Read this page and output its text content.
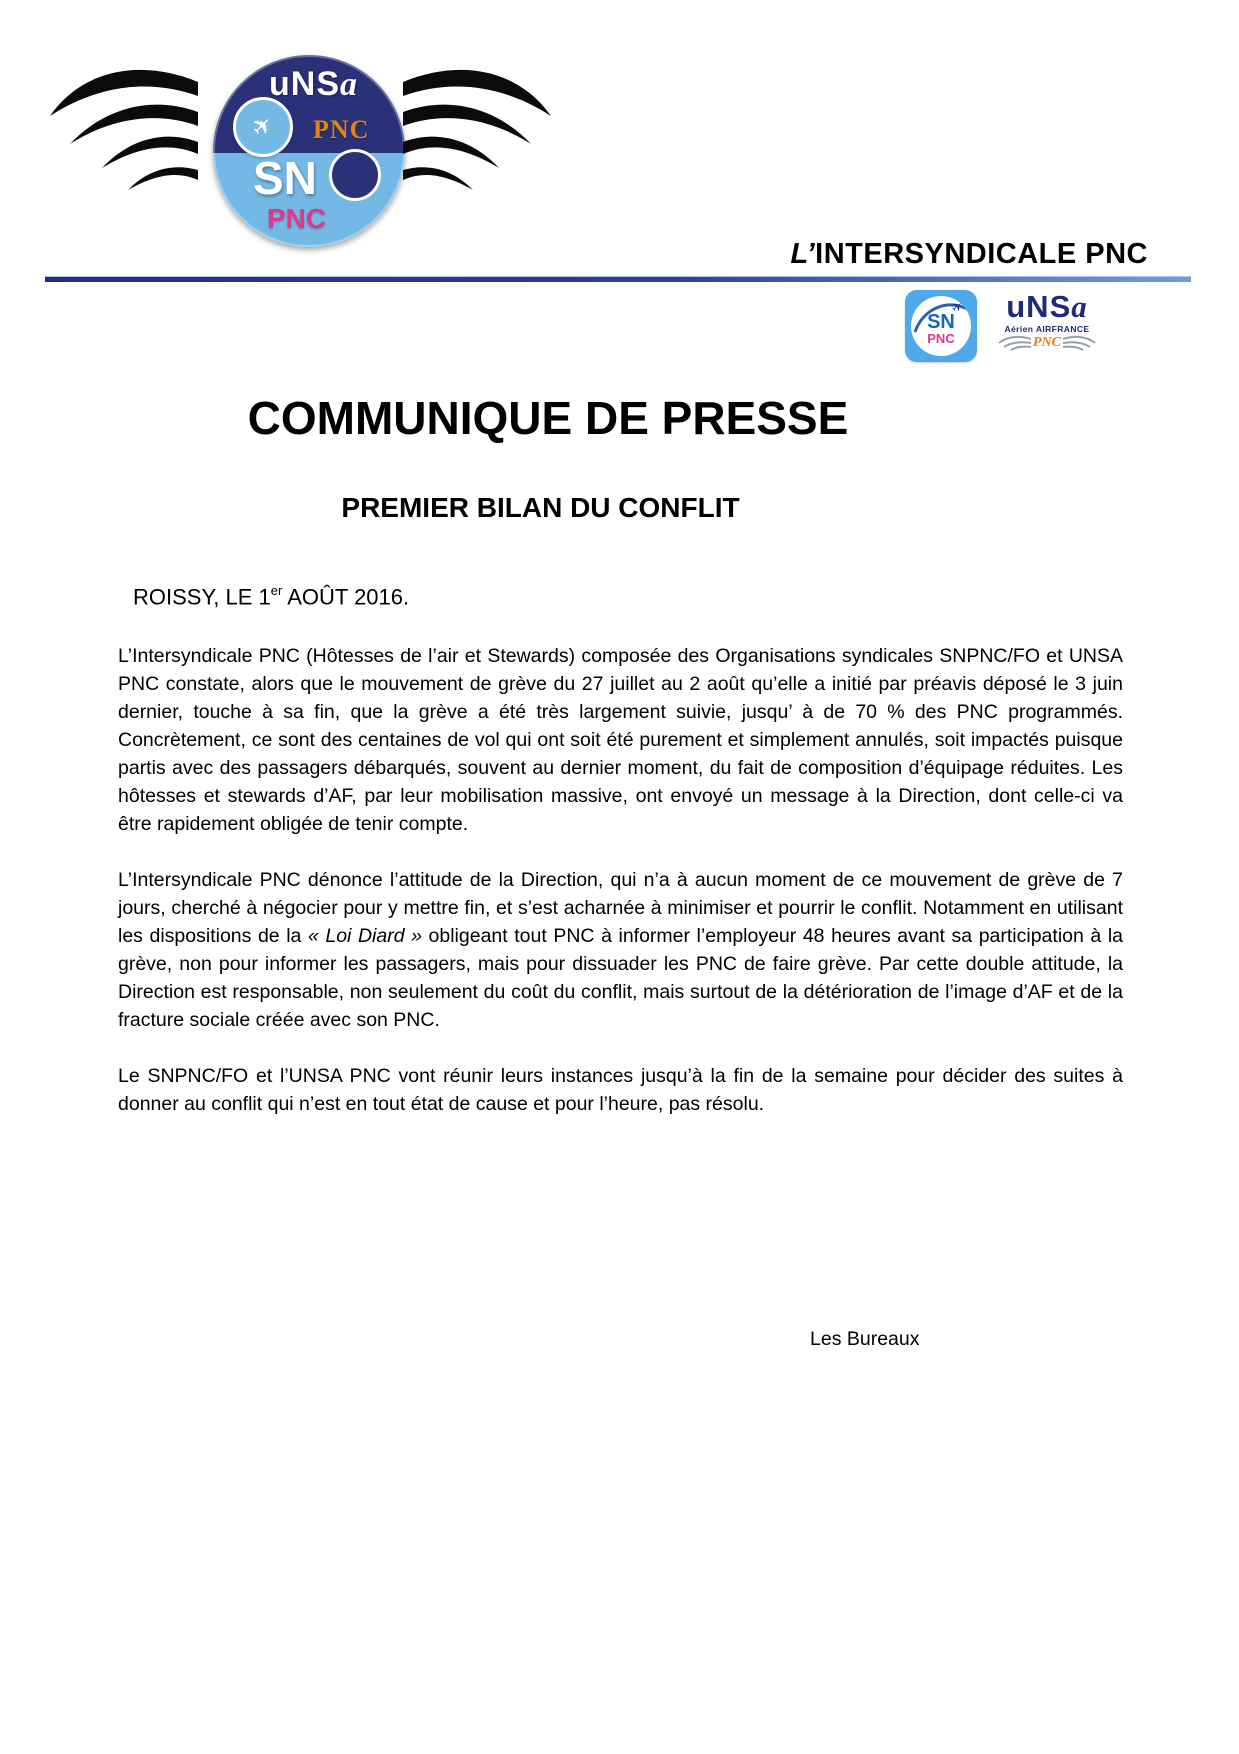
uNSa
PNC
✈
SN
PNC
L’INTERSYNDICALE PNC
SN
PNC
✈ uNSa
Aérien AIRFRANCE
PNC
COMMUNIQUE DE PRESSE
PREMIER BILAN DU CONFLIT
ROISSY, LE 1er AOÛT 2016.

L’Intersyndicale PNC (Hôtesses de l’air et Stewards) composée des Organisations syndicales SNPNC/FO et UNSA PNC constate, alors que le mouvement de grève du 27 juillet au 2 août qu’elle a initié par préavis déposé le 3 juin dernier, touche à sa fin, que la grève a été très largement suivie, jusqu’ à de 70 % des PNC programmés. Concrètement, ce sont des centaines de vol qui ont soit été purement et simplement annulés, soit impactés puisque partis avec des passagers débarqués, souvent au dernier moment, du fait de composition d’équipage réduites. Les hôtesses et stewards d’AF, par leur mobilisation massive, ont envoyé un message à la Direction, dont celle-ci va être rapidement obligée de tenir compte.

L’Intersyndicale PNC dénonce l’attitude de la Direction, qui n’a à aucun moment de ce mouvement de grève de 7 jours, cherché à négocier pour y mettre fin, et s’est acharnée à minimiser et pourrir le conflit. Notamment en utilisant les dispositions de la « Loi Diard » obligeant tout PNC à informer l’employeur 48 heures avant sa participation à la grève, non pour informer les passagers, mais pour dissuader les PNC de faire grève. Par cette double attitude, la Direction est responsable, non seulement du coût du conflit, mais surtout de la détérioration de l’image d’AF et de la fracture sociale créée avec son PNC.

Le SNPNC/FO et l’UNSA PNC vont réunir leurs instances jusqu’à la fin de la semaine pour décider des suites à donner au conflit qui n’est en tout état de cause et pour l’heure, pas résolu.

Les Bureaux
